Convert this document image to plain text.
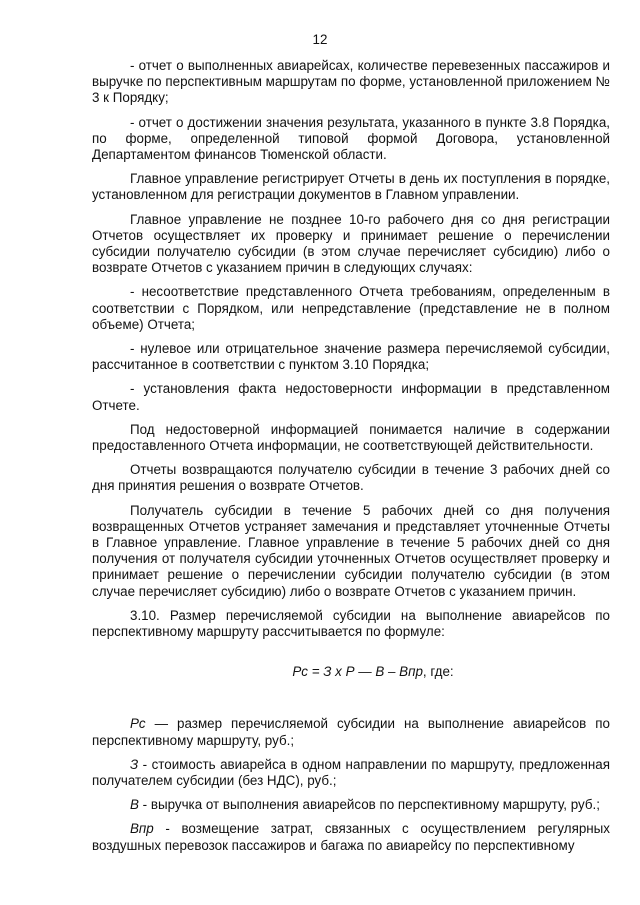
12

- отчет о выполненных авиарейсах, количестве перевезенных пассажиров и выручке по перспективным маршрутам по форме, установленной приложением № 3 к Порядку;

- отчет о достижении значения результата, указанного в пункте 3.8 Порядка, по форме, определенной типовой формой Договора, установленной Департаментом финансов Тюменской области.

Главное управление регистрирует Отчеты в день их поступления в порядке, установленном для регистрации документов в Главном управлении.

Главное управление не позднее 10-го рабочего дня со дня регистрации Отчетов осуществляет их проверку и принимает решение о перечислении субсидии получателю субсидии (в этом случае перечисляет субсидию) либо о возврате Отчетов с указанием причин в следующих случаях:

- несоответствие представленного Отчета требованиям, определенным в соответствии с Порядком, или непредставление (представление не в полном объеме) Отчета;

- нулевое или отрицательное значение размера перечисляемой субсидии, рассчитанное в соответствии с пунктом 3.10 Порядка;

- установления факта недостоверности информации в представленном Отчете.

Под недостоверной информацией понимается наличие в содержании предоставленного Отчета информации, не соответствующей действительности.

Отчеты возвращаются получателю субсидии в течение 3 рабочих дней со дня принятия решения о возврате Отчетов.

Получатель субсидии в течение 5 рабочих дней со дня получения возвращенных Отчетов устраняет замечания и представляет уточненные Отчеты в Главное управление. Главное управление в течение 5 рабочих дней со дня получения от получателя субсидии уточненных Отчетов осуществляет проверку и принимает решение о перечислении субсидии получателю субсидии (в этом случае перечисляет субсидию) либо о возврате Отчетов с указанием причин.

3.10. Размер перечисляемой субсидии на выполнение авиарейсов по перспективному маршруту рассчитывается по формуле:

Рс = З х Р — В – Впр, где:

Рс — размер перечисляемой субсидии на выполнение авиарейсов по перспективному маршруту, руб.;

З - стоимость авиарейса в одном направлении по маршруту, предложенная получателем субсидии (без НДС), руб.;

В - выручка от выполнения авиарейсов по перспективному маршруту, руб.;

Впр - возмещение затрат, связанных с осуществлением регулярных воздушных перевозок пассажиров и багажа по авиарейсу по перспективному
